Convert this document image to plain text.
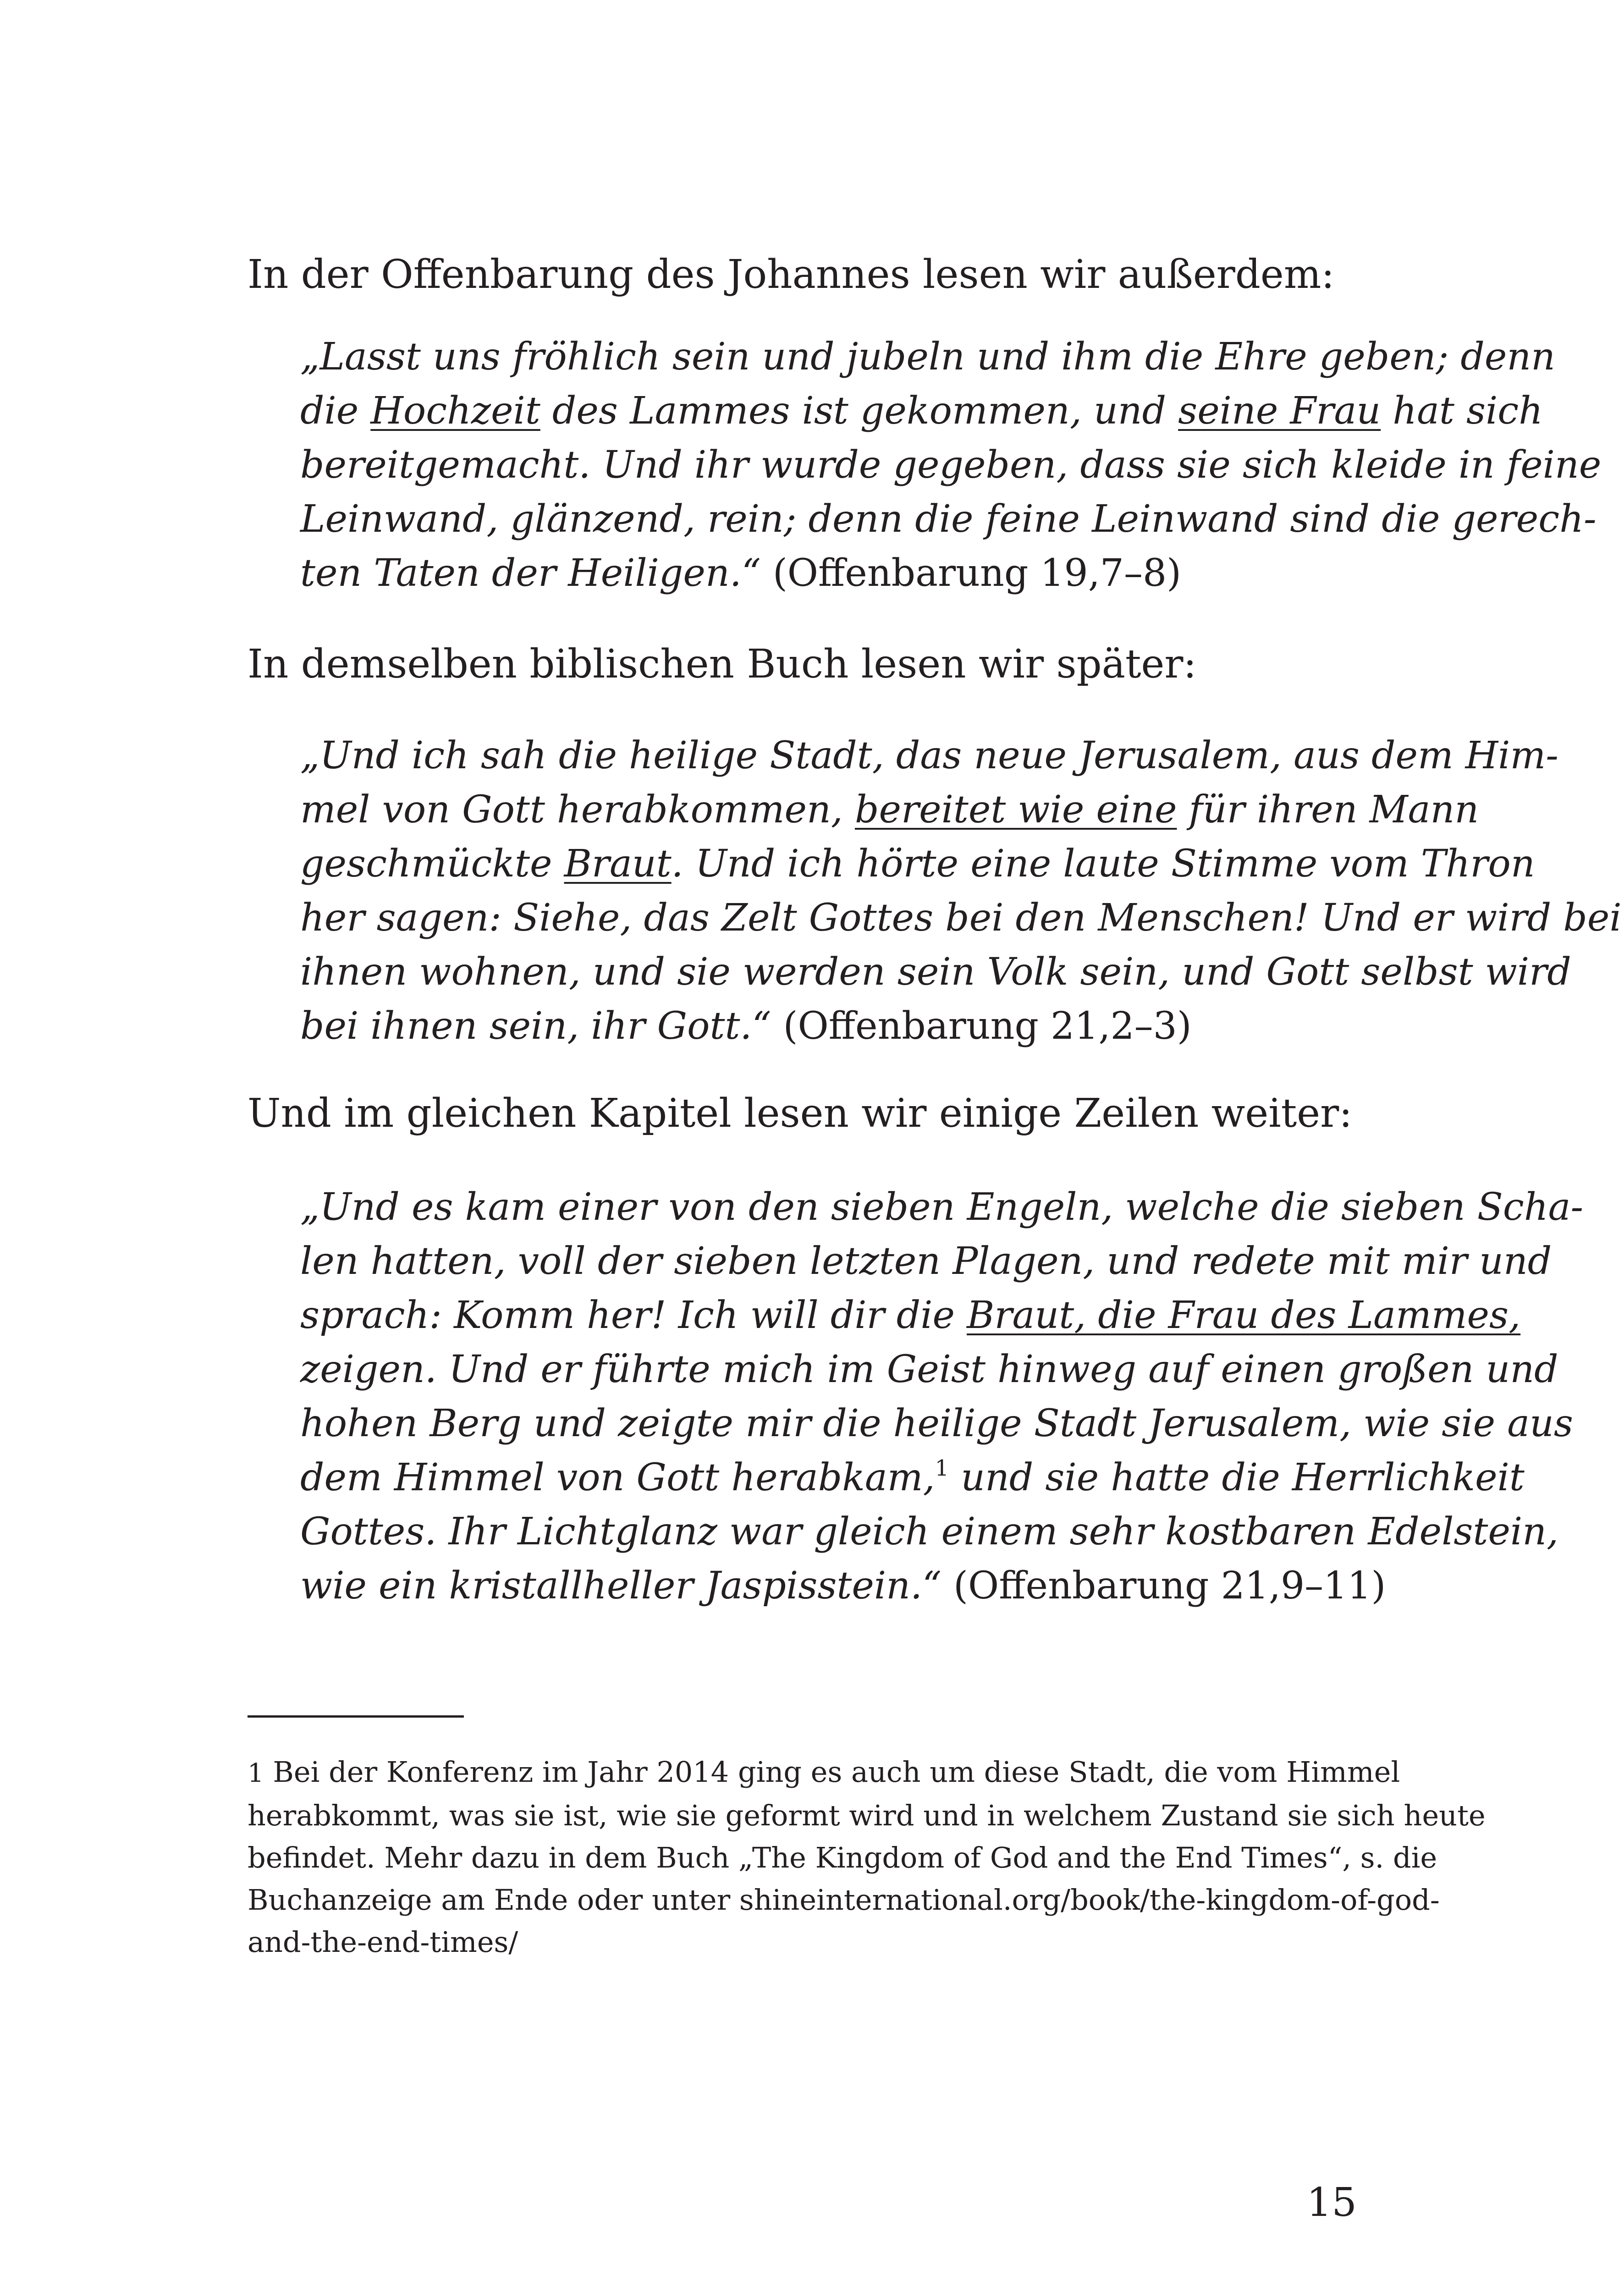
In der Offenbarung des Johannes lesen wir außerdem:

„Lasst uns fröhlich sein und jubeln und ihm die Ehre geben; denn
die Hochzeit des Lammes ist gekommen, und seine Frau hat sich
bereitgemacht. Und ihr wurde gegeben, dass sie sich kleide in feine
Leinwand, glänzend, rein; denn die feine Leinwand sind die gerech-
ten Taten der Heiligen.“ (Offenbarung 19,7–8)

In demselben biblischen Buch lesen wir später:

„Und ich sah die heilige Stadt, das neue Jerusalem, aus dem Him-
mel von Gott herabkommen, bereitet wie eine für ihren Mann
geschmückte Braut. Und ich hörte eine laute Stimme vom Thron
her sagen: Siehe, das Zelt Gottes bei den Menschen! Und er wird bei
ihnen wohnen, und sie werden sein Volk sein, und Gott selbst wird
bei ihnen sein, ihr Gott.“ (Offenbarung 21,2–3)

Und im gleichen Kapitel lesen wir einige Zeilen weiter:

„Und es kam einer von den sieben Engeln, welche die sieben Scha-
len hatten, voll der sieben letzten Plagen, und redete mit mir und
sprach: Komm her! Ich will dir die Braut, die Frau des Lammes,
zeigen. Und er führte mich im Geist hinweg auf einen großen und
hohen Berg und zeigte mir die heilige Stadt Jerusalem, wie sie aus
dem Himmel von Gott herabkam,$^1$ und sie hatte die Herrlichkeit
Gottes. Ihr Lichtglanz war gleich einem sehr kostbaren Edelstein,
wie ein kristallheller Jaspisstein.“ (Offenbarung 21,9–11)
1 Bei der Konferenz im Jahr 2014 ging es auch um diese Stadt, die vom Himmel
herabkommt, was sie ist, wie sie geformt wird und in welchem Zustand sie sich heute
befindet. Mehr dazu in dem Buch „The Kingdom of God and the End Times“, s. die
Buchanzeige am Ende oder unter shineinternational.org/book/the-kingdom-of-god-
and-the-end-times/

15
